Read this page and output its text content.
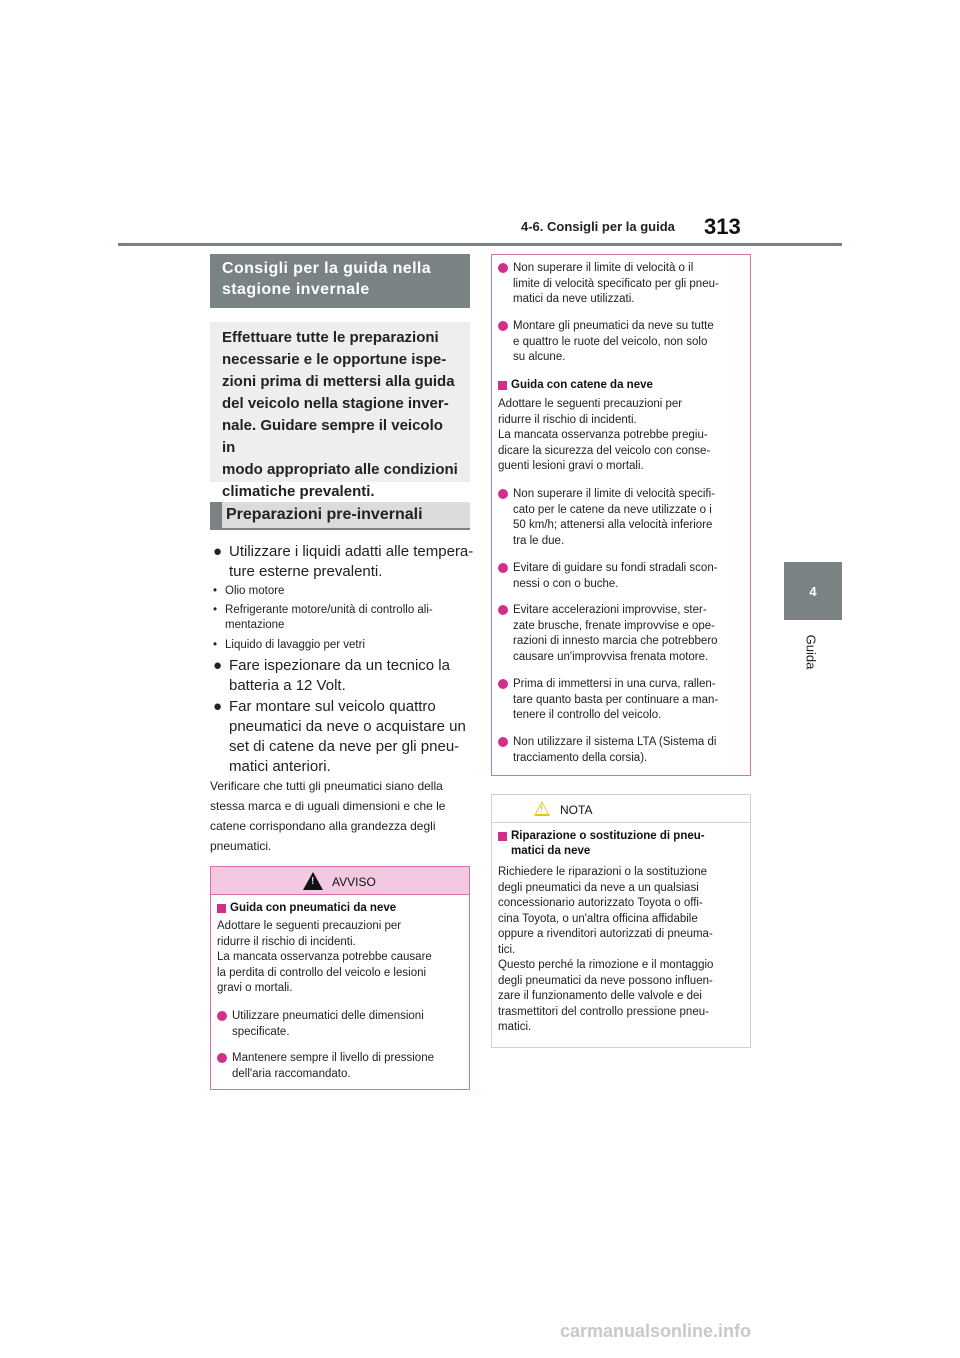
4-6. Consigli per la guida 313
4
Guida
Consigli per la guida nella
stagione invernale
Effettuare tutte le preparazioni
necessarie e le opportune ispe-
zioni prima di mettersi alla guida
del veicolo nella stagione inver-
nale. Guidare sempre il veicolo in
modo appropriato alle condizioni
climatiche prevalenti.
Preparazioni pre-invernali
● Utilizzare i liquidi adatti alle tempera-
ture esterne prevalenti.
• Olio motore
• Refrigerante motore/unità di controllo ali-
mentazione
• Liquido di lavaggio per vetri
● Fare ispezionare da un tecnico la
batteria a 12 Volt.
● Far montare sul veicolo quattro
pneumatici da neve o acquistare un
set di catene da neve per gli pneu-
matici anteriori.
Verificare che tutti gli pneumatici siano della
stessa marca e di uguali dimensioni e che le
catene corrispondano alla grandezza degli
pneumatici.
!
AVVISO
Guida con pneumatici da neve
Adottare le seguenti precauzioni per
ridurre il rischio di incidenti.
La mancata osservanza potrebbe causare
la perdita di controllo del veicolo e lesioni
gravi o mortali.
Utilizzare pneumatici delle dimensioni
specificate.
Mantenere sempre il livello di pressione
dell'aria raccomandato.
Non superare il limite di velocità o il
limite di velocità specificato per gli pneu-
matici da neve utilizzati.
Montare gli pneumatici da neve su tutte
e quattro le ruote del veicolo, non solo
su alcune.
Guida con catene da neve
Adottare le seguenti precauzioni per
ridurre il rischio di incidenti.
La mancata osservanza potrebbe pregiu-
dicare la sicurezza del veicolo con conse-
guenti lesioni gravi o mortali.
Non superare il limite di velocità specifi-
cato per le catene da neve utilizzate o i
50 km/h; attenersi alla velocità inferiore
tra le due.
Evitare di guidare su fondi stradali scon-
nessi o con o buche.
Evitare accelerazioni improvvise, ster-
zate brusche, frenate improvvise e ope-
razioni di innesto marcia che potrebbero
causare un'improvvisa frenata motore.
Prima di immettersi in una curva, rallen-
tare quanto basta per continuare a man-
tenere il controllo del veicolo.
Non utilizzare il sistema LTA (Sistema di
tracciamento della corsia).
!
NOTA
Riparazione o sostituzione di pneu-
matici da neve
Richiedere le riparazioni o la sostituzione
degli pneumatici da neve a un qualsiasi
concessionario autorizzato Toyota o offi-
cina Toyota, o un'altra officina affidabile
oppure a rivenditori autorizzati di pneuma-
tici.
Questo perché la rimozione e il montaggio
degli pneumatici da neve possono influen-
zare il funzionamento delle valvole e dei
trasmettitori del controllo pressione pneu-
matici.
carmanualsonline.info
